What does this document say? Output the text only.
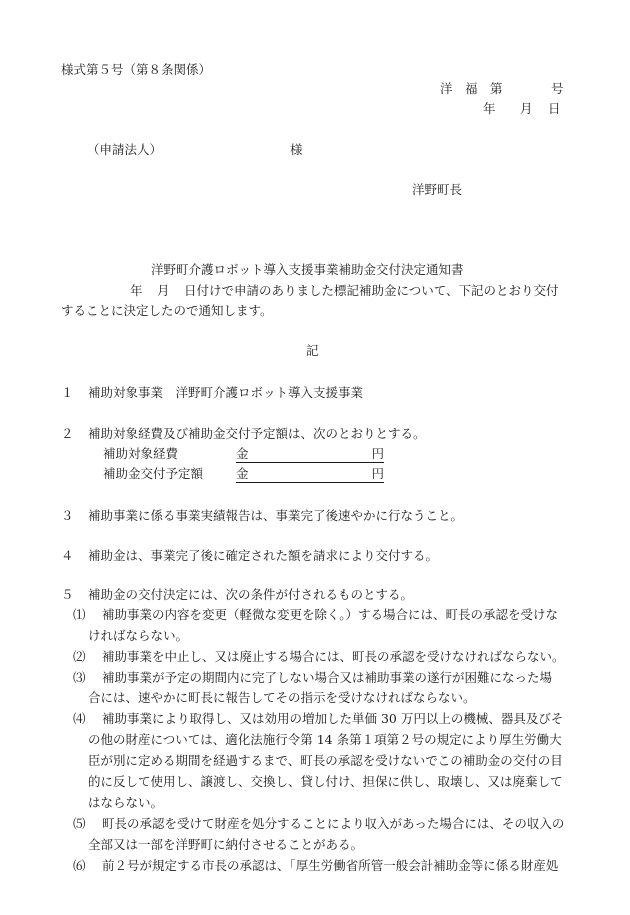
様式第５号（第８条関係）
洋　福　第	号
年 月 日
（申請法人）	様
洋野町長
洋野町介護ロボット導入支援事業補助金交付決定通知書
年 月 日付けで申請のありました標記補助金について、下記のとおり交付
することに決定したので通知します。
記
１ 補助対象事業　洋野町介護ロボット導入支援事業
２ 補助対象経費及び補助金交付予定額は、次のとおりとする。
補助対象経費	金	円
補助金交付予定額	金	円
３ 補助事業に係る事業実績報告は、事業完了後速やかに行なうこと。
４ 補助金は、事業完了後に確定された額を請求により交付する。
５ 補助金の交付決定には、次の条件が付されるものとする。
⑴ 補助事業の内容を変更（軽微な変更を除く。）する場合には、町長の承認を受けな
ければならない。
⑵ 補助事業を中止し、又は廃止する場合には、町長の承認を受けなければならない。
⑶ 補助事業が予定の期間内に完了しない場合又は補助事業の遂行が困難になった場
合には、速やかに町長に報告してその指示を受けなければならない。
⑷ 補助事業により取得し、又は効用の増加した単価 30 万円以上の機械、器具及びそ
の他の財産については、適化法施行令第 14 条第１項第２号の規定により厚生労働大
臣が別に定める期間を経過するまで、町長の承認を受けないでこの補助金の交付の目
的に反して使用し、譲渡し、交換し、貸し付け、担保に供し、取壊し、又は廃棄して
はならない。
⑸ 町長の承認を受けて財産を処分することにより収入があった場合には、その収入の
全部又は一部を洋野町に納付させることがある。
⑹ 前２号が規定する市長の承認は、「厚生労働省所管一般会計補助金等に係る財産処
